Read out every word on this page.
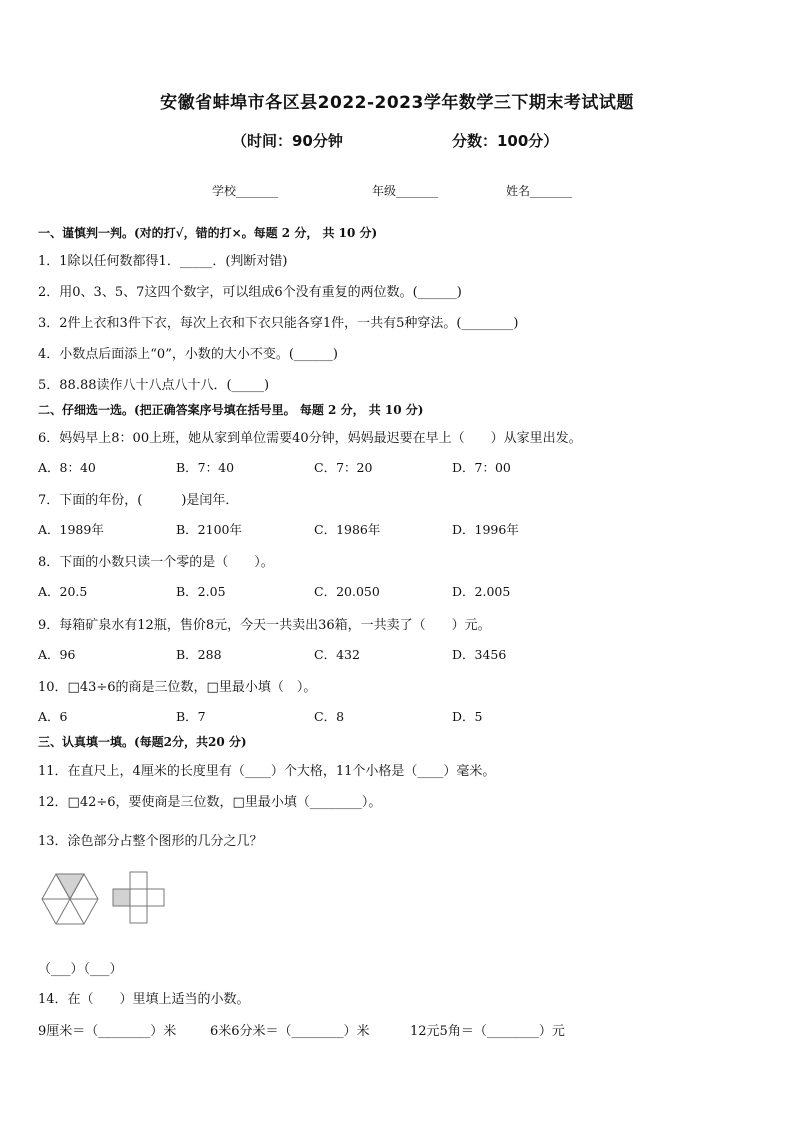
安徽省蚌埠市各区县2022-2023学年数学三下期末考试试题
（时间：90分钟	分数：100分）
学校_______	年级_______	姓名_______
一、谨慎判一判。(对的打√，错的打×。每题 2 分， 共 10 分)
1．1除以任何数都得1．_____．(判断对错)
2．用0、3、5、7这四个数字，可以组成6个没有重复的两位数。(______)
3．2件上衣和3件下衣，每次上衣和下衣只能各穿1件，一共有5种穿法。(________)
4．小数点后面添上“0”，小数的大小不变。(______)
5．88.88读作八十八点八十八．(_____)
二、仔细选一选。(把正确答案序号填在括号里。 每题 2 分， 共 10 分)
6．妈妈早上8：00上班，她从家到单位需要40分钟，妈妈最迟要在早上（　　）从家里出发。
A．8：40	B．7：40	C．7：20	D．7：00
7．下面的年份，(　　　)是闰年．
A．1989年	B．2100年	C．1986年	D．1996年
8．下面的小数只读一个零的是（　　）。
A．20.5	B．2.05	C．20.050	D．2.005
9．每箱矿泉水有12瓶，售价8元，今天一共卖出36箱，一共卖了（　　）元。
A．96	B．288	C．432	D．3456
10．□43÷6的商是三位数，□里最小填（　）。
A．6	B．7	C．8	D．5
三、认真填一填。(每题2分，共20 分)
11．在直尺上，4厘米的长度里有（____）个大格，11个小格是（____）毫米。
12．□42÷6，要使商是三位数，□里最小填（________）。
13．涂色部分占整个图形的几分之几？
（___）（___）
14．在（　　）里填上适当的小数。
9厘米＝（________）米	6米6分米＝（________）米	12元5角＝（________）元
